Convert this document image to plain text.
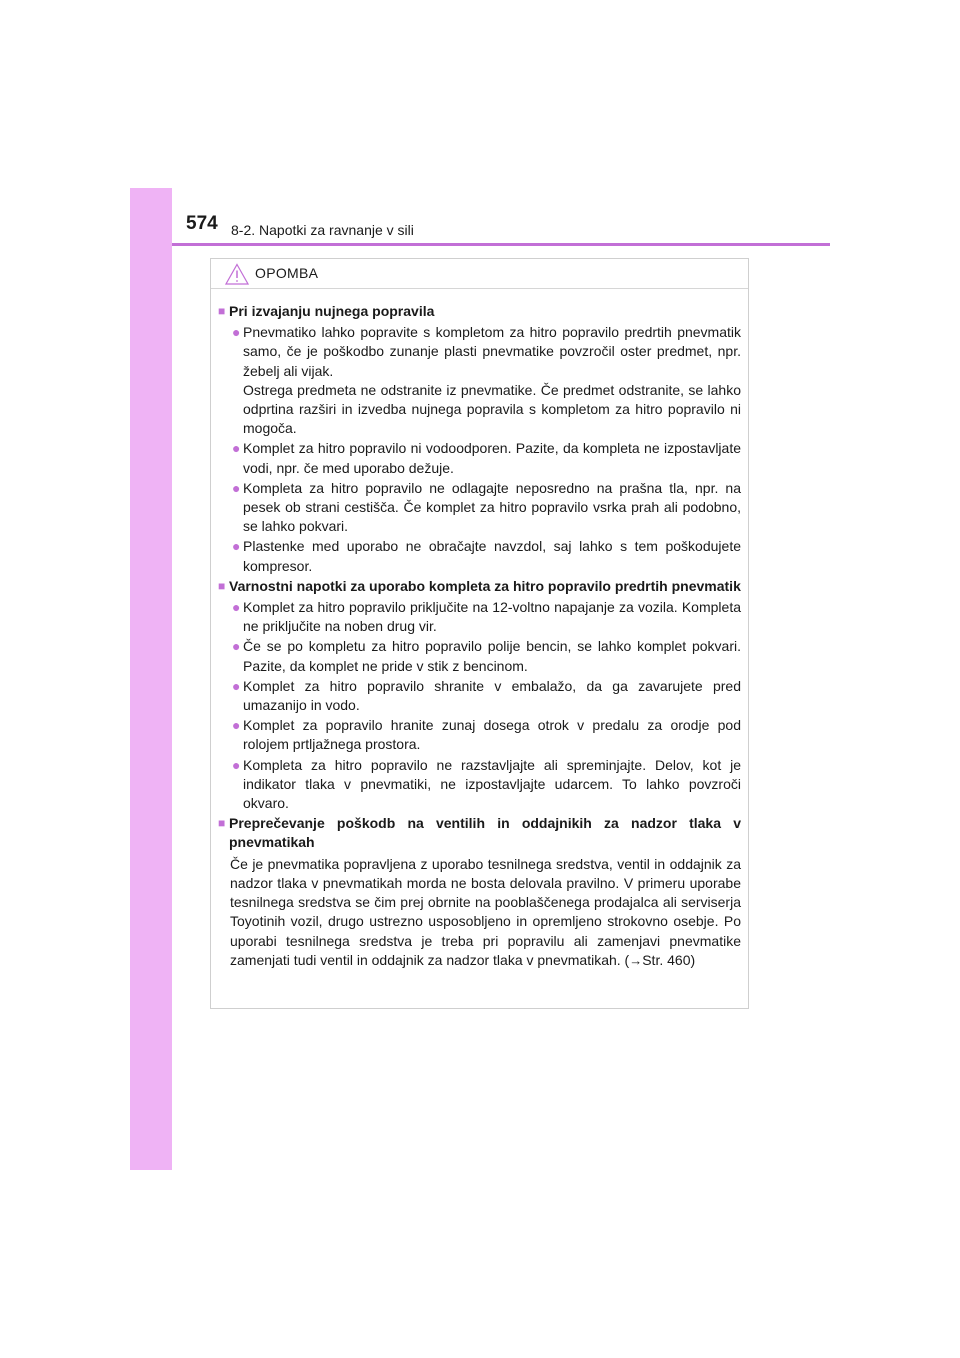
574 8-2. Napotki za ravnanje v sili
OPOMBA
■ Pri izvajanju nujnega popravila
● Pnevmatiko lahko popravite s kompletom za hitro popravilo predrtih pnevmatik samo, če je poškodbo zunanje plasti pnevmatike povzročil oster predmet, npr. žebelj ali vijak.
Ostrega predmeta ne odstranite iz pnevmatike. Če predmet odstranite, se lahko odprtina razširi in izvedba nujnega popravila s kompletom za hitro popravilo ni mogoča.
● Komplet za hitro popravilo ni vodoodporen. Pazite, da kompleta ne izpostavljate vodi, npr. če med uporabo dežuje.
● Kompleta za hitro popravilo ne odlagajte neposredno na prašna tla, npr. na pesek ob strani cestišča. Če komplet za hitro popravilo vsrka prah ali podobno, se lahko pokvari.
● Plastenke med uporabo ne obračajte navzdol, saj lahko s tem poškodujete kompresor.
■ Varnostni napotki za uporabo kompleta za hitro popravilo predrtih pnevmatik
● Komplet za hitro popravilo priključite na 12-voltno napajanje za vozila. Kompleta ne priključite na noben drug vir.
● Če se po kompletu za hitro popravilo polije bencin, se lahko komplet pokvari. Pazite, da komplet ne pride v stik z bencinom.
● Komplet za hitro popravilo shranite v embalažo, da ga zavarujete pred umazanijo in vodo.
● Komplet za popravilo hranite zunaj dosega otrok v predalu za orodje pod rolojem prtljažnega prostora.
● Kompleta za hitro popravilo ne razstavljajte ali spreminjajte. Delov, kot je indikator tlaka v pnevmatiki, ne izpostavljajte udarcem. To lahko povzroči okvaro.
■ Preprečevanje poškodb na ventilih in oddajnikih za nadzor tlaka v pnevmatikah
Če je pnevmatika popravljena z uporabo tesnilnega sredstva, ventil in oddajnik za nadzor tlaka v pnevmatikah morda ne bosta delovala pravilno. V primeru uporabe tesnilnega sredstva se čim prej obrnite na pooblaščenega prodajalca ali serviserja Toyotinih vozil, drugo ustrezno usposobljeno in opremljeno strokovno osebje. Po uporabi tesnilnega sredstva je treba pri popravilu ali zamenjavi pnevmatike zamenjati tudi ventil in oddajnik za nadzor tlaka v pnevmatikah. (→Str. 460)
